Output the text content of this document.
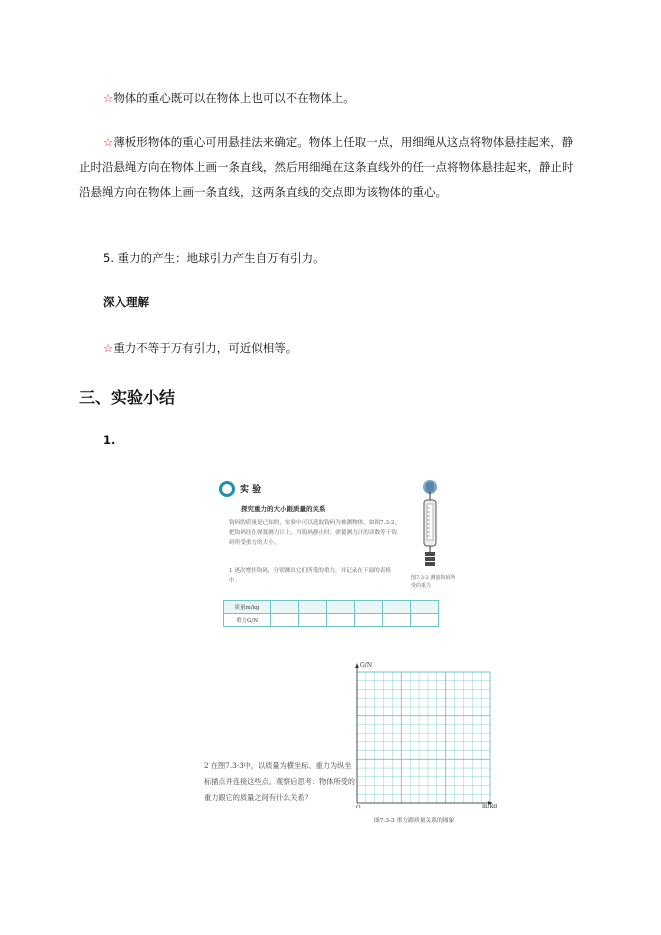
☆物体的重心既可以在物体上也可以不在物体上。
☆薄板形物体的重心可用悬挂法来确定。物体上任取一点，用细绳从这点将物体悬挂起来，静止时沿悬绳方向在物体上画一条直线，然后用细绳在这条直线外的任一点将物体悬挂起来，静止时沿悬绳方向在物体上画一条直线，这两条直线的交点即为该物体的重心。
5. 重力的产生：地球引力产生自万有引力。
深入理解
☆重力不等于万有引力，可近似相等。
三、实验小结
1.
实 验
探究重力的大小跟质量的关系
钩码的质量是已知的，实验中可以选取钩码为被测物体。如图7.3-2，把钩码挂在弹簧测力计上，当钩码静止时，弹簧测力计的读数等于钩码所受重力的大小。
1 逐次增挂钩码，分别测出它们所受的重力，并记录在下面的表格中。	图7.3-2 测量钩码所受的重力
质量m/kg						
重力G/N						
2 在图7.3-3中，以质量为横坐标、重力为纵坐标描点并连接这些点。观察后思考：物体所受的重力跟它的质量之间有什么关系？
G/N
m/kg
O
图7.3-3 重力跟质量关系的图象
